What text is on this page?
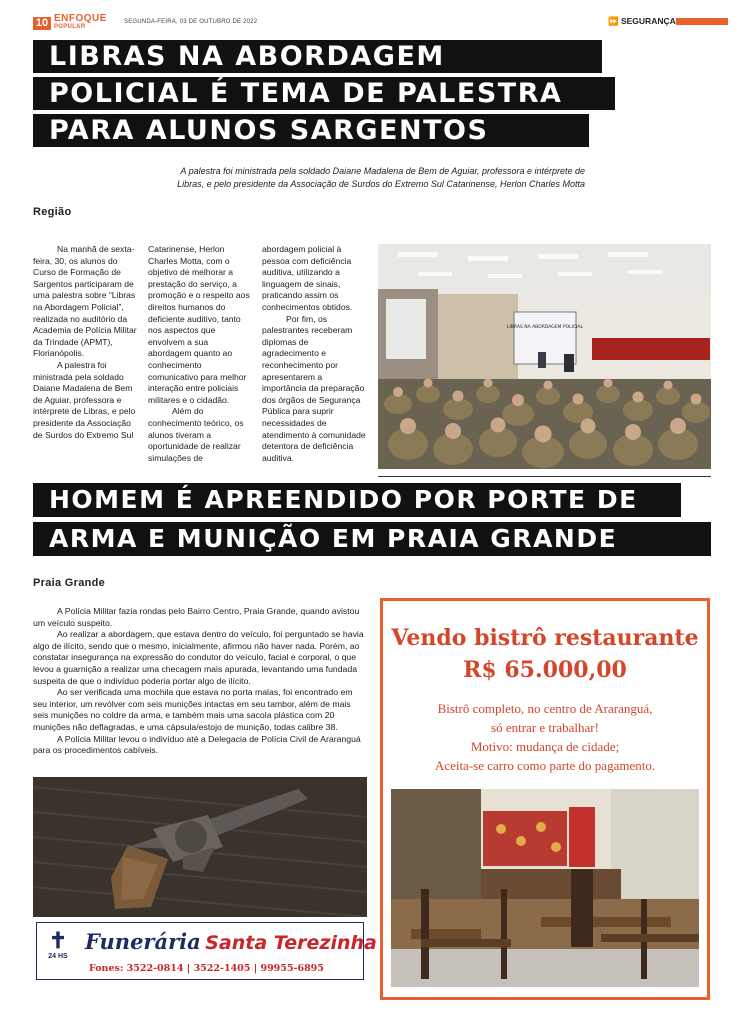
10 ENFOQUE
POPULAR
SEGUNDA-FEIRA, 03 DE OUTUBRO DE 2022	⏩ SEGURANÇA
LIBRAS NA ABORDAGEM
POLICIAL É TEMA DE PALESTRA
PARA ALUNOS SARGENTOS
A palestra foi ministrada pela soldado Daiane Madalena de Bem de Aguiar, professora e intérprete de Libras, e pelo presidente da Associação de Surdos do Extremo Sul Catarinense, Herlon Charles Motta
Região

Na manhã de sexta-feira, 30, os alunos do Curso de Formação de Sargentos participaram de uma palestra sobre “Libras na Abordagem Policial”, realizada no auditório da Academia de Polícia Militar da Trindade (APMT), Florianópolis.

A palestra foi ministrada pela soldado Daiane Madalena de Bem de Aguiar, professora e intérprete de Libras, e pelo presidente da Associação de Surdos do Extremo Sul

Catarinense, Herlon Charles Motta, com o objetivo de melhorar a prestação do serviço, a promoção e o respeito aos direitos humanos do deficiente auditivo, tanto nos aspectos que envolvem a sua abordagem quanto ao conhecimento comunicativo para melhor interação entre policiais militares e o cidadão.

Além do conhecimento teórico, os alunos tiveram a oportunidade de realizar simulações de

abordagem policial à pessoa com deficiência auditiva, utilizando a linguagem de sinais, praticando assim os conhecimentos obtidos.

Por fim, os palestrantes receberam diplomas de agradecimento e reconhecimento por apresentarem a importância da preparação dos órgãos de Segurança Pública para suprir necessidades de atendimento à comunidade detentora de deficiência auditiva.

LIBRAS NA ABORDAGEM POLICIAL
HOMEM É APREENDIDO POR PORTE DE
ARMA E MUNIÇÃO EM PRAIA GRANDE
Praia Grande

A Polícia Militar fazia rondas pelo Bairro Centro, Praia Grande, quando avistou um veículo suspeito.

Ao realizar a abordagem, que estava dentro do veículo, foi perguntado se havia algo de ilícito, sendo que o mesmo, inicialmente, afirmou não haver nada. Porém, ao constatar insegurança na expressão do condutor do veículo, facial e corporal, o que levou a guarnição a realizar uma checagem mais apurada, levantando uma fundada suspeita de que o indivíduo poderia portar algo de ilícito.

Ao ser verificada uma mochila que estava no porta malas, foi encontrado em seu interior, um revólver com seis munições intactas em seu tambor, além de mais seis munições no coldre da arma, e também mais uma sacola plástica com 20 munições não deflagradas, e uma cápsula/estojo de munição, todas calibre 38.

A Polícia Militar levou o indivíduo até a Delegacia de Polícia Civil de Araranguá para os procedimentos cabíveis.

✝
24 HS
Funerária Santa Terezinha
Fones: 3522-0814 | 3522-1405 | 99955-6895
Vendo bistrô restaurante
R$ 65.000,00
Bistrô completo, no centro de Araranguá,
só entrar e trabalhar!
Motivo: mudança de cidade;
Aceita-se carro como parte do pagamento.
